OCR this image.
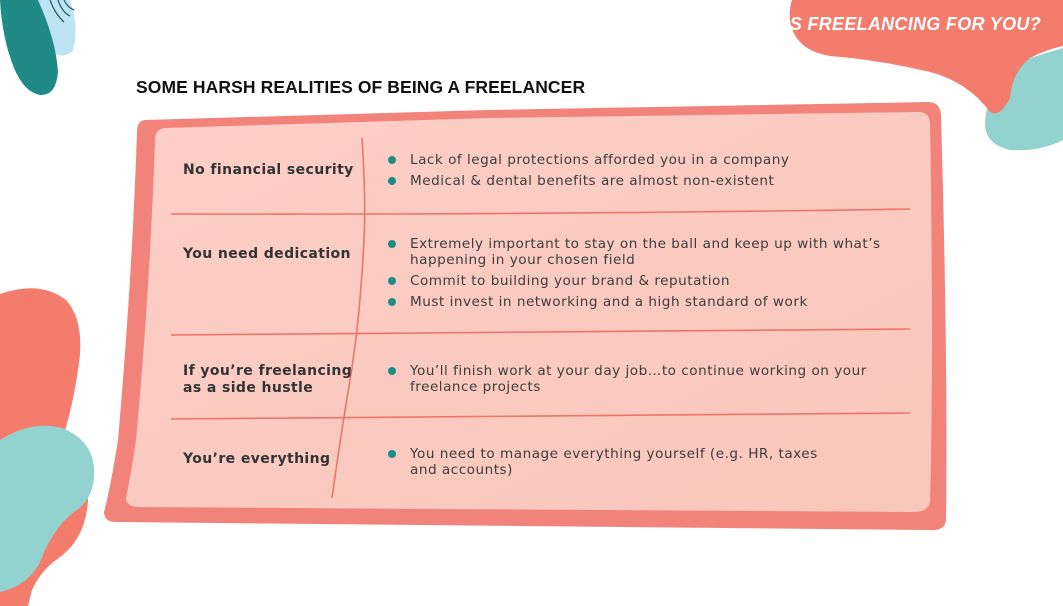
IS FREELANCING FOR YOU?
SOME HARSH REALITIES OF BEING A FREELANCER
No financial security
Lack of legal protections afforded you in a company
Medical & dental benefits are almost non-existent
You need dedication
Extremely important to stay on the ball and keep up with what’s happening in your chosen field
Commit to building your brand & reputation
Must invest in networking and a high standard of work
If you’re freelancing as a side hustle
You’ll finish work at your day job…to continue working on your freelance projects
You’re everything	You need to manage everything yourself (e.g. HR, taxes and accounts)
